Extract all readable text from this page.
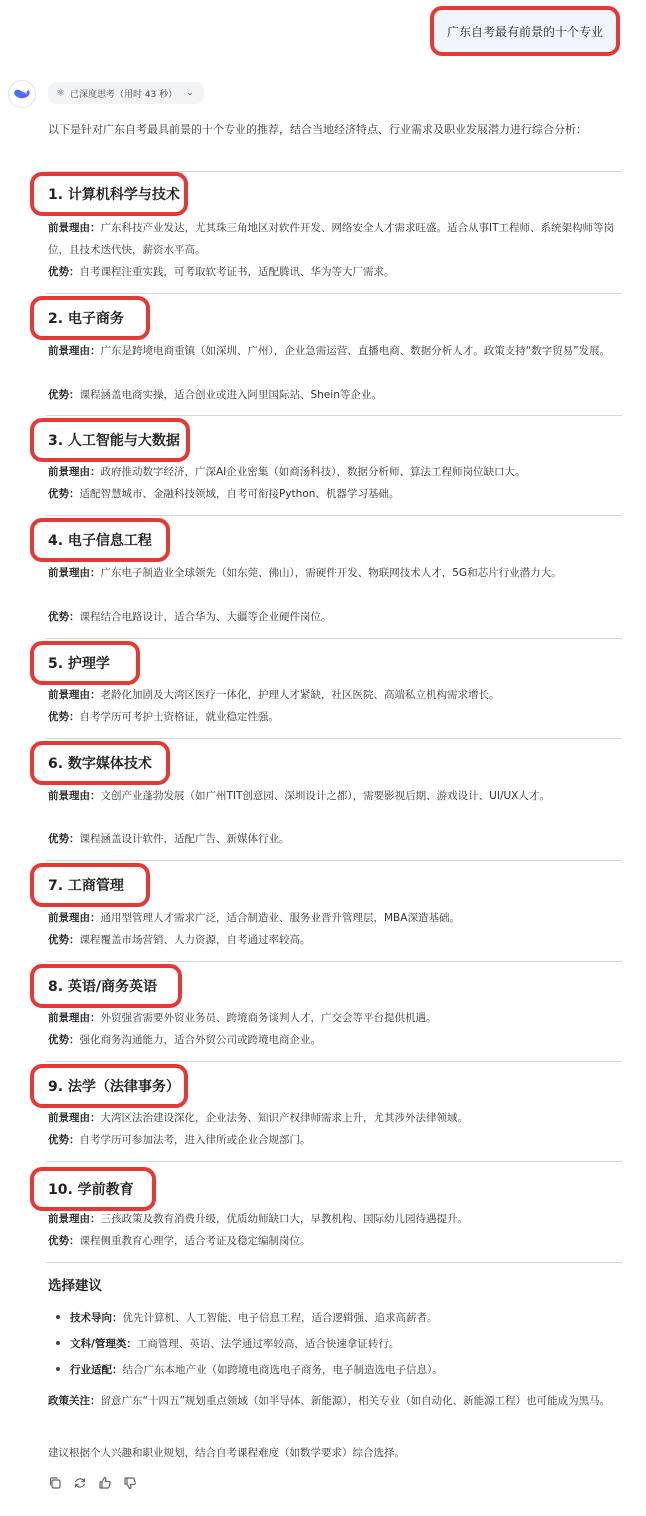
广东自考最有前景的十个专业
⚛ 已深度思考（用时 43 秒） ⌄
以下是针对广东自考最具前景的十个专业的推荐，结合当地经济特点、行业需求及职业发展潜力进行综合分析：
1. 计算机科学与技术
前景理由：广东科技产业发达，尤其珠三角地区对软件开发、网络安全人才需求旺盛。适合从事IT工程师、系统架构师等岗位，且技术迭代快，薪资水平高。
优势：自考课程注重实践，可考取软考证书，适配腾讯、华为等大厂需求。
2. 电子商务
前景理由：广东是跨境电商重镇（如深圳、广州），企业急需运营、直播电商、数据分析人才。政策支持“数字贸易”发展。
优势：课程涵盖电商实操，适合创业或进入阿里国际站、Shein等企业。
3. 人工智能与大数据
前景理由：政府推动数字经济，广深AI企业密集（如商汤科技），数据分析师、算法工程师岗位缺口大。
优势：适配智慧城市、金融科技领域，自考可衔接Python、机器学习基础。
4. 电子信息工程
前景理由：广东电子制造业全球领先（如东莞、佛山），需硬件开发、物联网技术人才，5G和芯片行业潜力大。
优势：课程结合电路设计，适合华为、大疆等企业硬件岗位。
5. 护理学
前景理由：老龄化加剧及大湾区医疗一体化，护理人才紧缺，社区医院、高端私立机构需求增长。
优势：自考学历可考护士资格证，就业稳定性强。
6. 数字媒体技术
前景理由：文创产业蓬勃发展（如广州TIT创意园、深圳设计之都），需要影视后期、游戏设计、UI/UX人才。
优势：课程涵盖设计软件，适配广告、新媒体行业。
7. 工商管理
前景理由：通用型管理人才需求广泛，适合制造业、服务业晋升管理层，MBA深造基础。
优势：课程覆盖市场营销、人力资源，自考通过率较高。
8. 英语/商务英语
前景理由：外贸强省需要外贸业务员、跨境商务谈判人才，广交会等平台提供机遇。
优势：强化商务沟通能力，适合外贸公司或跨境电商企业。
9. 法学（法律事务）
前景理由：大湾区法治建设深化，企业法务、知识产权律师需求上升，尤其涉外法律领域。
优势：自考学历可参加法考，进入律所或企业合规部门。
10. 学前教育
前景理由：三孩政策及教育消费升级，优质幼师缺口大，早教机构、国际幼儿园待遇提升。
优势：课程侧重教育心理学，适合考证及稳定编制岗位。
选择建议
技术导向：优先计算机、人工智能、电子信息工程，适合逻辑强、追求高薪者。
文科/管理类：工商管理、英语、法学通过率较高，适合快速拿证转行。
行业适配：结合广东本地产业（如跨境电商选电子商务，电子制造选电子信息）。
政策关注：留意广东“十四五”规划重点领域（如半导体、新能源），相关专业（如自动化、新能源工程）也可能成为黑马。
建议根据个人兴趣和职业规划，结合自考课程难度（如数学要求）综合选择。
